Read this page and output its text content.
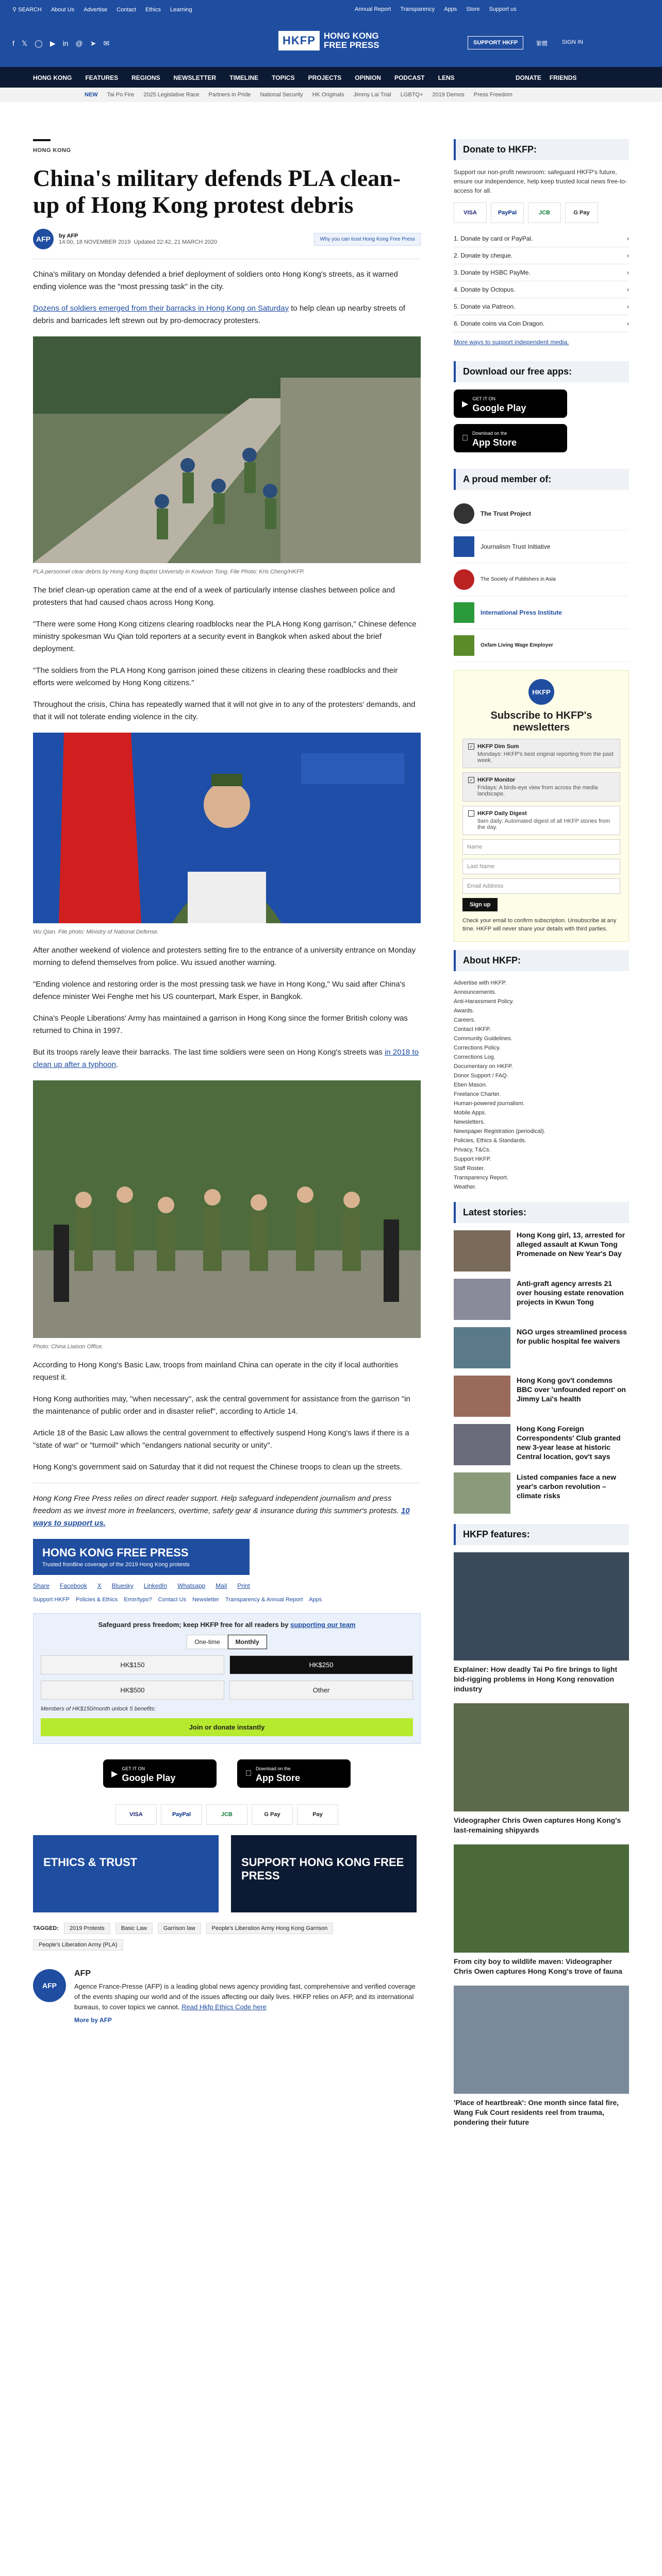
⚲ SEARCH About Us Advertise Contact Ethics Learning	Annual Report Transparency Apps Store Support us
f 𝕏 ◯ ▶ in @ ➤ ✉	HKFP HONG KONG
FREE PRESS	SUPPORT HKFP	繁體	SIGN IN
HONG KONG FEATURES REGIONS NEWSLETTER TIMELINE TOPICS PROJECTS OPINION PODCAST LENS	DONATE FRIENDS
NEW Tai Po Fire 2025 Legislative Race Partners in Pride National Security HK Originals Jimmy Lai Trial LGBTQ+ 2019 Demos Press Freedom
HONG KONG
China's military defends PLA clean-up of Hong Kong protest debris
AFP	by AFP
14:00, 18 NOVEMBER 2019 Updated 22:42, 21 MARCH 2020	Why you can trust Hong Kong Free Press

China's military on Monday defended a brief deployment of soldiers onto Hong Kong's streets, as it warned ending violence was the "most pressing task" in the city.

Dozens of soldiers emerged from their barracks in Hong Kong on Saturday to help clean up nearby streets of debris and barricades left strewn out by pro-democracy protesters.

PLA personnel clear debris by Hong Kong Baptist University in Kowloon Tong. File Photo: Kris Cheng/HKFP.

The brief clean-up operation came at the end of a week of particularly intense clashes between police and protesters that had caused chaos across Hong Kong.

"There were some Hong Kong citizens clearing roadblocks near the PLA Hong Kong garrison," Chinese defence ministry spokesman Wu Qian told reporters at a security event in Bangkok when asked about the brief deployment.

"The soldiers from the PLA Hong Kong garrison joined these citizens in clearing these roadblocks and their efforts were welcomed by Hong Kong citizens."

Throughout the crisis, China has repeatedly warned that it will not give in to any of the protesters' demands, and that it will not tolerate ending violence in the city.

Wu Qian. File photo: Ministry of National Defense.

After another weekend of violence and protesters setting fire to the entrance of a university entrance on Monday morning to defend themselves from police. Wu issued another warning.

"Ending violence and restoring order is the most pressing task we have in Hong Kong," Wu said after China's defence minister Wei Fenghe met his US counterpart, Mark Esper, in Bangkok.

China's People Liberations' Army has maintained a garrison in Hong Kong since the former British colony was returned to China in 1997.

But its troops rarely leave their barracks. The last time soldiers were seen on Hong Kong's streets was in 2018 to clean up after a typhoon.

Photo: China Liaison Office.

According to Hong Kong's Basic Law, troops from mainland China can operate in the city if local authorities request it.

Hong Kong authorities may, "when necessary", ask the central government for assistance from the garrison "in the maintenance of public order and in disaster relief", according to Article 14.

Article 18 of the Basic Law allows the central government to effectively suspend Hong Kong's laws if there is a "state of war" or "turmoil" which "endangers national security or unity".

Hong Kong's government said on Saturday that it did not request the Chinese troops to clean up the streets.

Hong Kong Free Press relies on direct reader support. Help safeguard independent journalism and press freedom as we invest more in freelancers, overtime, safety gear & insurance during this summer's protests. 10 ways to support us.

HONG KONG FREE PRESS
Trusted frontline coverage of the 2019 Hong Kong protests
Share Facebook X Bluesky LinkedIn Whatsapp Mail Print
Support HKFP Policies & Ethics Error/typo? Contact Us Newsletter Transparency & Annual Report Apps
Safeguard press freedom; keep HKFP free for all readers by supporting our team
One-time	Monthly
HK$150	HK$250
HK$500	Other
Members of HK$150/month unlock 5 benefits:
Join or donate instantly
▶
GET IT ON
Google Play
Download on the
App Store
VISA	PayPal	JCB	G Pay	Pay
ETHICS & TRUST	SUPPORT HONG KONG FREE PRESS
TAGGED:	2019 Protests	Basic Law	Garrison law	People's Liberation Army Hong Kong Garrison
People's Liberation Army (PLA)
AFP
AFP

Agence France-Presse (AFP) is a leading global news agency providing fast, comprehensive and verified coverage of the events shaping our world and of the issues affecting our daily lives. HKFP relies on AFP, and its international bureaus, to cover topics we cannot. Read Hkfp Ethics Code here

More by AFP
Donate to HKFP:

Support our non-profit newsroom: safeguard HKFP's future, ensure our independence, help keep trusted local news free-to-access for all.

VISA	PayPal	JCB	G Pay
1. Donate by card or PayPal.	›
2. Donate by cheque.	›
3. Donate by HSBC PayMe.	›
4. Donate by Octopus.	›
5. Donate via Patreon.	›
6. Donate coins via Coin Dragon.	›
More ways to support independent media.
Download our free apps:
▶
GET IT ON
Google Play

Download on the
App Store
A proud member of:
The Trust Project
Journalism Trust Initiative
The Society of Publishers in Asia
International Press Institute
Oxfam Living Wage Employer
HKFP
Subscribe to HKFP's
newsletters
✓ HKFP Dim Sum
Mondays: HKFP's best original reporting from the past week.
✓ HKFP Monitor
Fridays: A birds-eye view from across the media landscape.
HKFP Daily Digest
9am daily: Automated digest of all HKFP stories from the day.
Name
Last Name
Email Address
Sign up

Check your email to confirm subscription. Unsubscribe at any time. HKFP will never share your details with third parties.

About HKFP:
Advertise with HKFP.
Announcements.
Anti-Harassment Policy.
Awards.
Careers.
Contact HKFP.
Community Guidelines.
Corrections Policy.
Corrections Log.
Documentary on HKFP.
Donor Support / FAQ.
Eben Mason.
Freelance Charter.
Human-powered journalism.
Mobile Apps.
Newsletters.
Newspaper Registration (periodical).
Policies, Ethics & Standards.
Privacy, T&Cs.
Support HKFP.
Staff Roster.
Transparency Report.
Weather.
Latest stories:
Hong Kong girl, 13, arrested for alleged assault at Kwun Tong Promenade on New Year's Day
Anti-graft agency arrests 21 over housing estate renovation projects in Kwun Tong
NGO urges streamlined process for public hospital fee waivers
Hong Kong gov't condemns BBC over 'unfounded report' on Jimmy Lai's health
Hong Kong Foreign Correspondents' Club granted new 3-year lease at historic Central location, gov't says
Listed companies face a new year's carbon revolution – climate risks
HKFP features:
Explainer: How deadly Tai Po fire brings to light bid-rigging problems in Hong Kong renovation industry
Videographer Chris Owen captures Hong Kong's last-remaining shipyards
From city boy to wildlife maven: Videographer Chris Owen captures Hong Kong's trove of fauna
'Place of heartbreak': One month since fatal fire, Wang Fuk Court residents reel from trauma, pondering their future
